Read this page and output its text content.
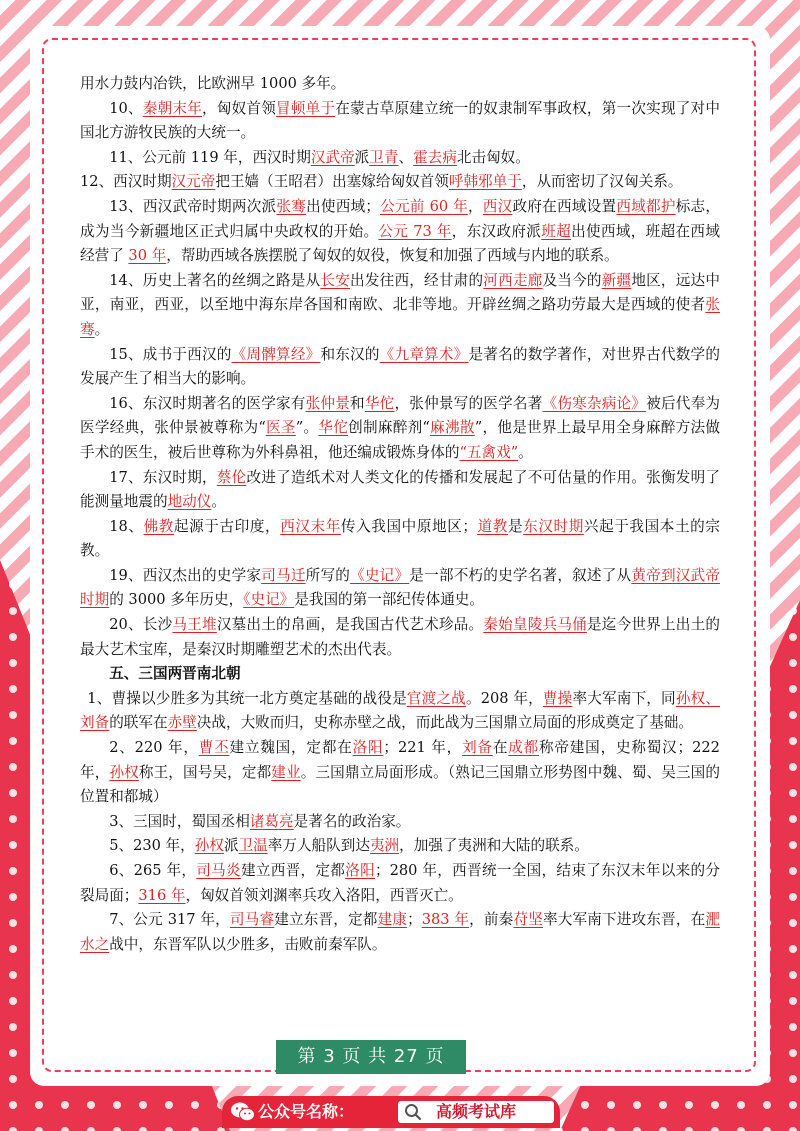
用水力鼓内冶铁，比欧洲早 1000 多年。

10、秦朝末年，匈奴首领冒顿单于在蒙古草原建立统一的奴隶制军事政权，第一次实现了对中国北方游牧民族的大统一。

11、公元前 119 年，西汉时期汉武帝派卫青、霍去病北击匈奴。

12、西汉时期汉元帝把王嫱（王昭君）出塞嫁给匈奴首领呼韩邪单于，从而密切了汉匈关系。

13、西汉武帝时期两次派张骞出使西域；公元前 60 年，西汉政府在西域设置西域都护标志，成为当今新疆地区正式归属中央政权的开始。公元 73 年，东汉政府派班超出使西域，班超在西域经营了 30 年，帮助西域各族摆脱了匈奴的奴役，恢复和加强了西域与内地的联系。

14、历史上著名的丝绸之路是从长安出发往西，经甘肃的河西走廊及当今的新疆地区，远达中亚，南亚，西亚，以至地中海东岸各国和南欧、北非等地。开辟丝绸之路功劳最大是西域的使者张骞。

15、成书于西汉的《周髀算经》和东汉的《九章算术》是著名的数学著作，对世界古代数学的发展产生了相当大的影响。

16、东汉时期著名的医学家有张仲景和华佗，张仲景写的医学名著《伤寒杂病论》被后代奉为医学经典，张仲景被尊称为“医圣”。华佗创制麻醉剂“麻沸散”，他是世界上最早用全身麻醉方法做手术的医生，被后世尊称为外科鼻祖，他还编成锻炼身体的“五禽戏”。

17、东汉时期，蔡伦改进了造纸术对人类文化的传播和发展起了不可估量的作用。张衡发明了能测量地震的地动仪。

18、佛教起源于古印度，西汉末年传入我国中原地区；道教是东汉时期兴起于我国本土的宗教。

19、西汉杰出的史学家司马迁所写的《史记》是一部不朽的史学名著，叙述了从黄帝到汉武帝时期的 3000 多年历史，《史记》是我国的第一部纪传体通史。

20、长沙马王堆汉墓出土的帛画，是我国古代艺术珍品。秦始皇陵兵马俑是迄今世界上出土的最大艺术宝库，是秦汉时期雕塑艺术的杰出代表。

五、三国两晋南北朝

1、曹操以少胜多为其统一北方奠定基础的战役是官渡之战。208 年，曹操率大军南下，同孙权、刘备的联军在赤壁决战，大败而归，史称赤壁之战，而此战为三国鼎立局面的形成奠定了基础。

2、220 年，曹丕建立魏国，定都在洛阳；221 年，刘备在成都称帝建国，史称蜀汉；222 年，孙权称王，国号吴，定都建业。三国鼎立局面形成。（熟记三国鼎立形势图中魏、蜀、吴三国的位置和都城）

3、三国时，蜀国丞相诸葛亮是著名的政治家。

5、230 年，孙权派卫温率万人船队到达夷洲，加强了夷洲和大陆的联系。

6、265 年，司马炎建立西晋，定都洛阳；280 年，西晋统一全国，结束了东汉末年以来的分裂局面；316 年，匈奴首领刘渊率兵攻入洛阳，西晋灭亡。

7、公元 317 年，司马睿建立东晋，定都建康；383 年，前秦苻坚率大军南下进攻东晋，在淝水之战中，东晋军队以少胜多，击败前秦军队。

第 3 页 共 27 页
公众号名称：	高频考试库
